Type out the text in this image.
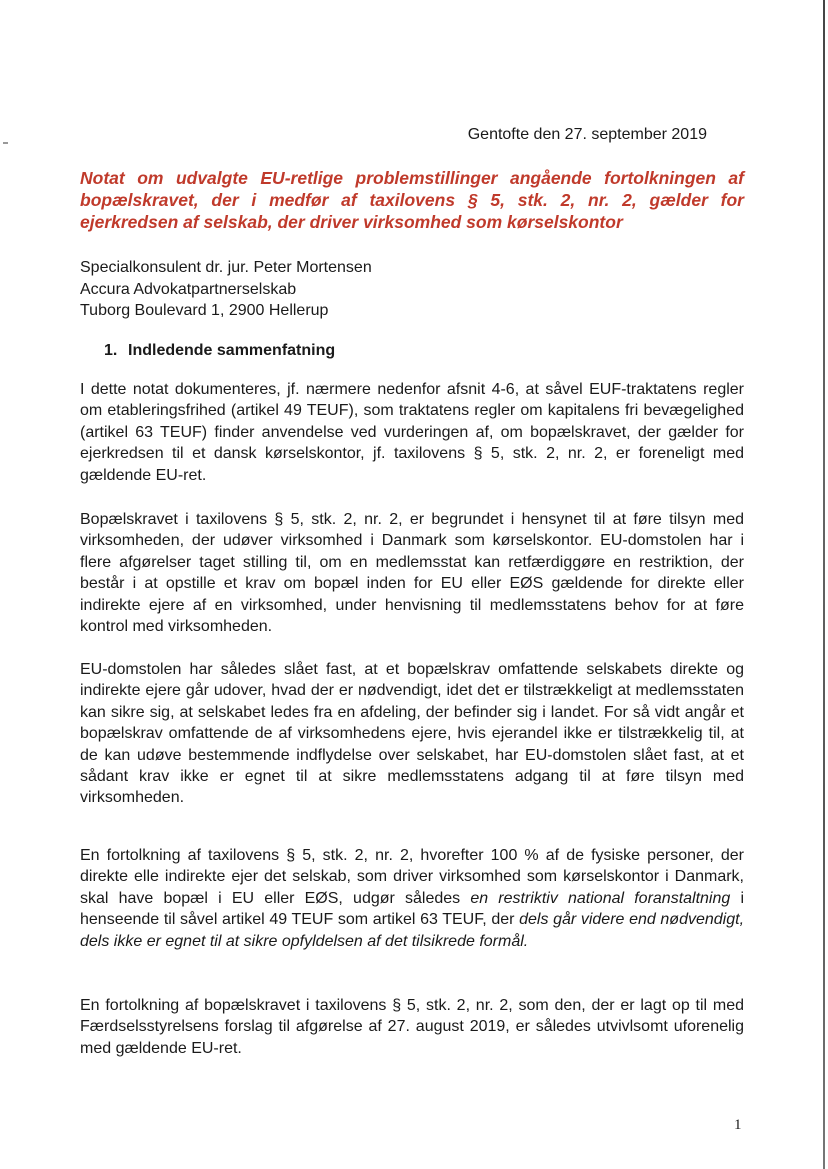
Gentofte den 27. september 2019
Notat om udvalgte EU-retlige problemstillinger angående fortolkningen af bopælskravet, der i medfør af taxilovens § 5, stk. 2, nr. 2, gælder for ejerkredsen af selskab, der driver virksomhed som kørselskontor
Specialkonsulent dr. jur. Peter Mortensen
Accura Advokatpartnerselskab
Tuborg Boulevard 1, 2900 Hellerup
1. Indledende sammenfatning

I dette notat dokumenteres, jf. nærmere nedenfor afsnit 4-6, at såvel EUF-traktatens regler om etableringsfrihed (artikel 49 TEUF), som traktatens regler om kapitalens fri bevægelighed (artikel 63 TEUF) finder anvendelse ved vurderingen af, om bopælskravet, der gælder for ejerkredsen til et dansk kørselskontor, jf. taxilovens § 5, stk. 2, nr. 2, er foreneligt med gældende EU-ret.

Bopælskravet i taxilovens § 5, stk. 2, nr. 2, er begrundet i hensynet til at føre tilsyn med virksomheden, der udøver virksomhed i Danmark som kørselskontor. EU-domstolen har i flere afgørelser taget stilling til, om en medlemsstat kan retfærdiggøre en restriktion, der består i at opstille et krav om bopæl inden for EU eller EØS gældende for direkte eller indirekte ejere af en virksomhed, under henvisning til medlemsstatens behov for at føre kontrol med virksomheden.

EU-domstolen har således slået fast, at et bopælskrav omfattende selskabets direkte og indirekte ejere går udover, hvad der er nødvendigt, idet det er tilstrækkeligt at medlemsstaten kan sikre sig, at selskabet ledes fra en afdeling, der befinder sig i landet. For så vidt angår et bopælskrav omfattende de af virksomhedens ejere, hvis ejerandel ikke er tilstrækkelig til, at de kan udøve bestemmende indflydelse over selskabet, har EU-domstolen slået fast, at et sådant krav ikke er egnet til at sikre medlemsstatens adgang til at føre tilsyn med virksomheden.

En fortolkning af taxilovens § 5, stk. 2, nr. 2, hvorefter 100 % af de fysiske personer, der direkte elle indirekte ejer det selskab, som driver virksomhed som kørselskontor i Danmark, skal have bopæl i EU eller EØS, udgør således en restriktiv national foranstaltning i henseende til såvel artikel 49 TEUF som artikel 63 TEUF, der dels går videre end nødvendigt, dels ikke er egnet til at sikre opfyldelsen af det tilsikrede formål.

En fortolkning af bopælskravet i taxilovens § 5, stk. 2, nr. 2, som den, der er lagt op til med Færdselsstyrelsens forslag til afgørelse af 27. august 2019, er således utvivlsomt uforenelig med gældende EU-ret.

1
